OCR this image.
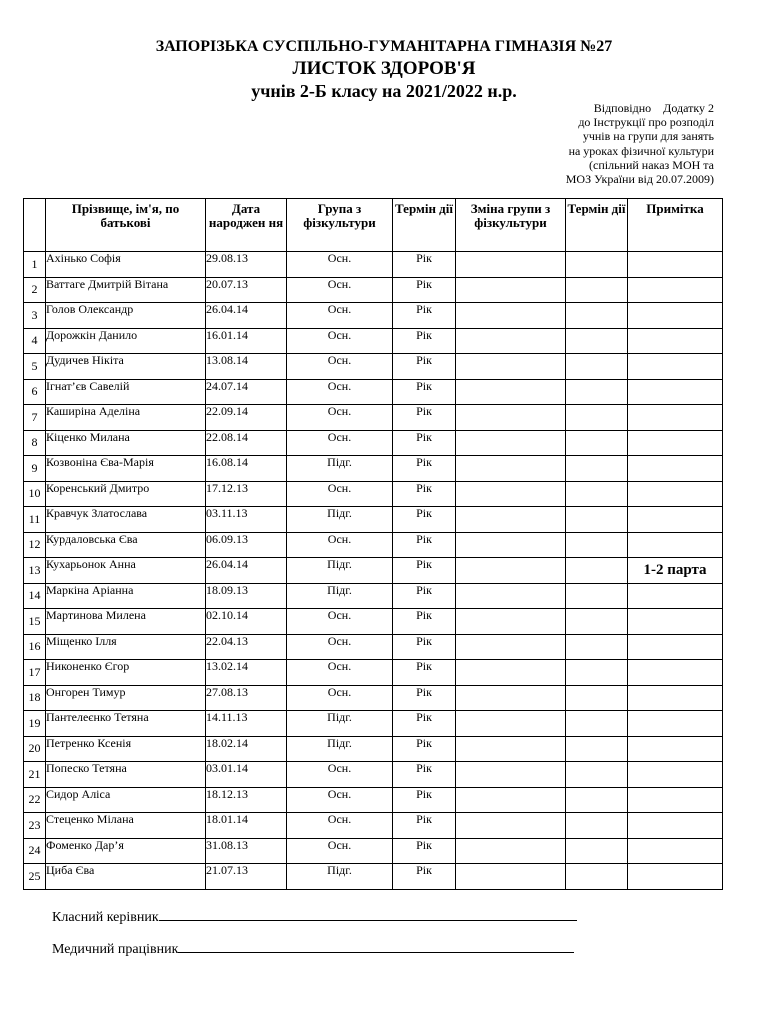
ЗАПОРІЗЬКА СУСПІЛЬНО-ГУМАНІТАРНА ГІМНАЗІЯ №27
ЛИСТОК ЗДОРОВ'Я
учнів 2-Б класу на 2021/2022 н.р.
Відповідно    Додатку 2
до Інструкції про розподіл
учнів на групи для занять
на уроках фізичної культури
(спільний наказ МОН та
МОЗ України від 20.07.2009)
	Прізвище, ім'я, по батькові	Дата народжен ня	Група з фізкультури	Термін дії	Зміна групи з фізкультури	Термін дії	Примітка
1	Ахінько Софія	29.08.13	Осн.	Рік			
2	Ваттаге Дмитрій Вітана	20.07.13	Осн.	Рік			
3	Голов Олександр	26.04.14	Осн.	Рік			
4	Дорожкін Данило	16.01.14	Осн.	Рік			
5	Дудичев Нікіта	13.08.14	Осн.	Рік			
6	Ігнат’єв Савелій	24.07.14	Осн.	Рік			
7	Каширіна Аделіна	22.09.14	Осн.	Рік			
8	Кіценко Милана	22.08.14	Осн.	Рік			
9	Козвоніна Єва-Марія	16.08.14	Підг.	Рік			
10	Коренський Дмитро	17.12.13	Осн.	Рік			
11	Кравчук Златослава	03.11.13	Підг.	Рік			
12	Курдаловська Єва	06.09.13	Осн.	Рік			
13	Кухарьонок Анна	26.04.14	Підг.	Рік			1-2 парта
14	Маркіна Аріанна	18.09.13	Підг.	Рік			
15	Мартинова Милена	02.10.14	Осн.	Рік			
16	Міщенко Ілля	22.04.13	Осн.	Рік			
17	Никоненко Єгор	13.02.14	Осн.	Рік			
18	Онгорен Тимур	27.08.13	Осн.	Рік			
19	Пантелеєнко Тетяна	14.11.13	Підг.	Рік			
20	Петренко Ксенія	18.02.14	Підг.	Рік			
21	Попеско Тетяна	03.01.14	Осн.	Рік			
22	Сидор Аліса	18.12.13	Осн.	Рік			
23	Стеценко Мілана	18.01.14	Осн.	Рік			
24	Фоменко Дар’я	31.08.13	Осн.	Рік			
25	Циба Єва	21.07.13	Підг.	Рік			
Класний керівник
Медичний працівник
